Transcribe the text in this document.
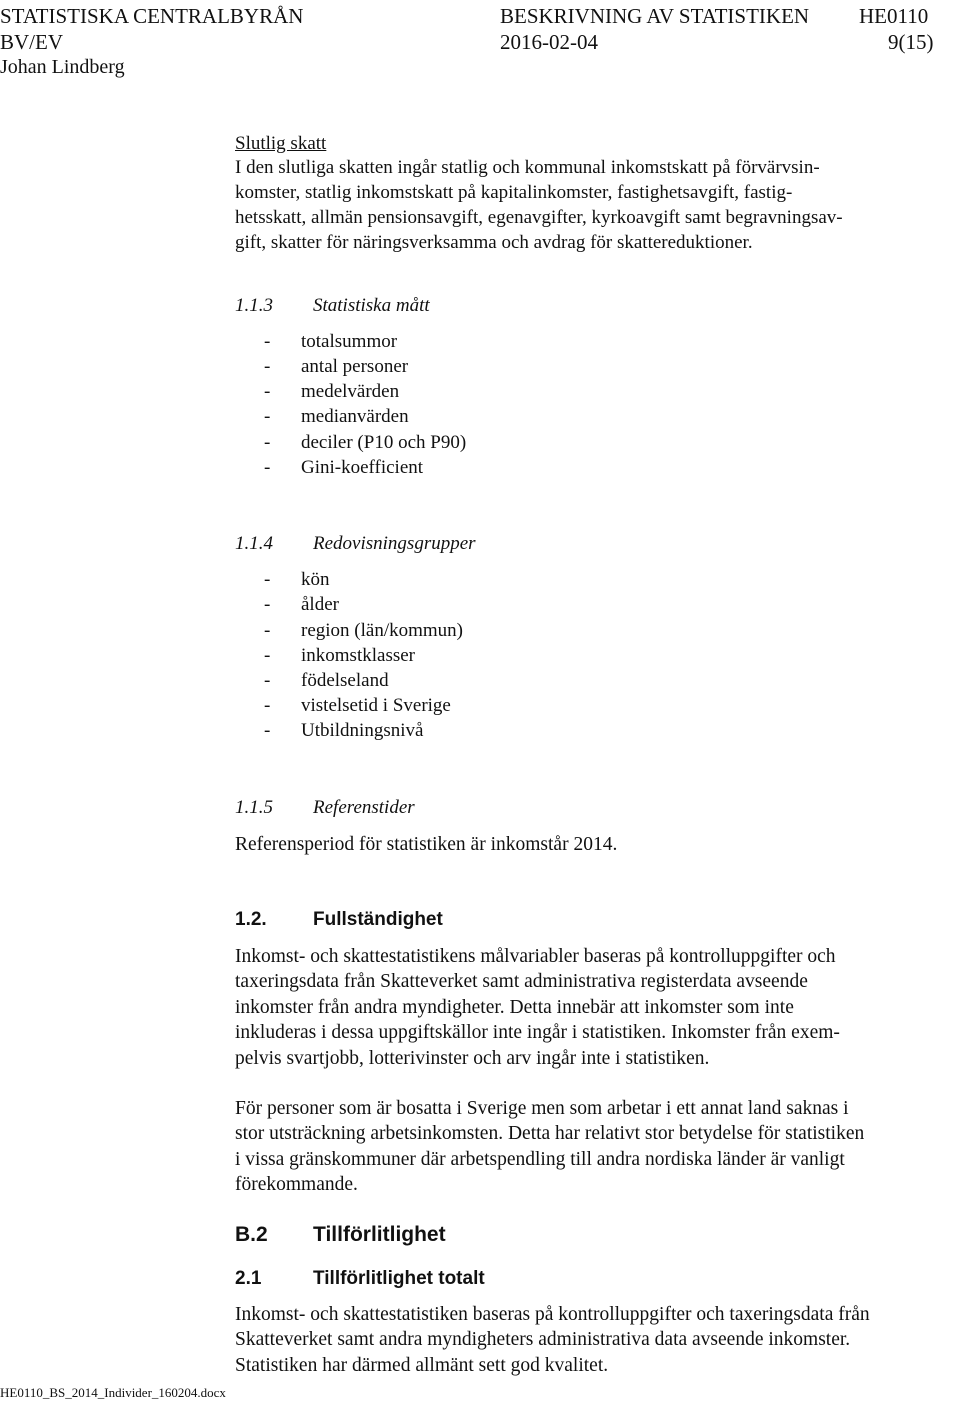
STATISTISKA CENTRALBYRÅN	BESKRIVNING AV STATISTIKEN HE0110
BV/EV	2016-02-04	9(15)
Johan Lindberg
Slutlig skatt
I den slutliga skatten ingår statlig och kommunal inkomstskatt på förvärvsin-
komster, statlig inkomstskatt på kapitalinkomster, fastighetsavgift, fastig-
hetsskatt, allmän pensionsavgift, egenavgifter, kyrkoavgift samt begravningsav-
gift, skatter för näringsverksamma och avdrag för skattereduktioner.
1.1.3 Statistiska mått
- totalsummor
- antal personer
- medelvärden
- medianvärden
- deciler (P10 och P90)
- Gini-koefficient
1.1.4 Redovisningsgrupper
- kön
- ålder
- region (län/kommun)
- inkomstklasser
- födelseland
- vistelsetid i Sverige
- Utbildningsnivå
1.1.5 Referenstider
Referensperiod för statistiken är inkomstår 2014.
1.2. Fullständighet
Inkomst- och skattestatistikens målvariabler baseras på kontrolluppgifter och
taxeringsdata från Skatteverket samt administrativa registerdata avseende
inkomster från andra myndigheter. Detta innebär att inkomster som inte
inkluderas i dessa uppgiftskällor inte ingår i statistiken. Inkomster från exem-
pelvis svartjobb, lotterivinster och arv ingår inte i statistiken.
För personer som är bosatta i Sverige men som arbetar i ett annat land saknas i
stor utsträckning arbetsinkomsten. Detta har relativt stor betydelse för statistiken
i vissa gränskommuner där arbetspendling till andra nordiska länder är vanligt
förekommande.
B.2 Tillförlitlighet
2.1	Tillförlitlighet totalt
Inkomst- och skattestatistiken baseras på kontrolluppgifter och taxeringsdata från
Skatteverket samt andra myndigheters administrativa data avseende inkomster.
Statistiken har därmed allmänt sett god kvalitet.
HE0110_BS_2014_Individer_160204.docx
